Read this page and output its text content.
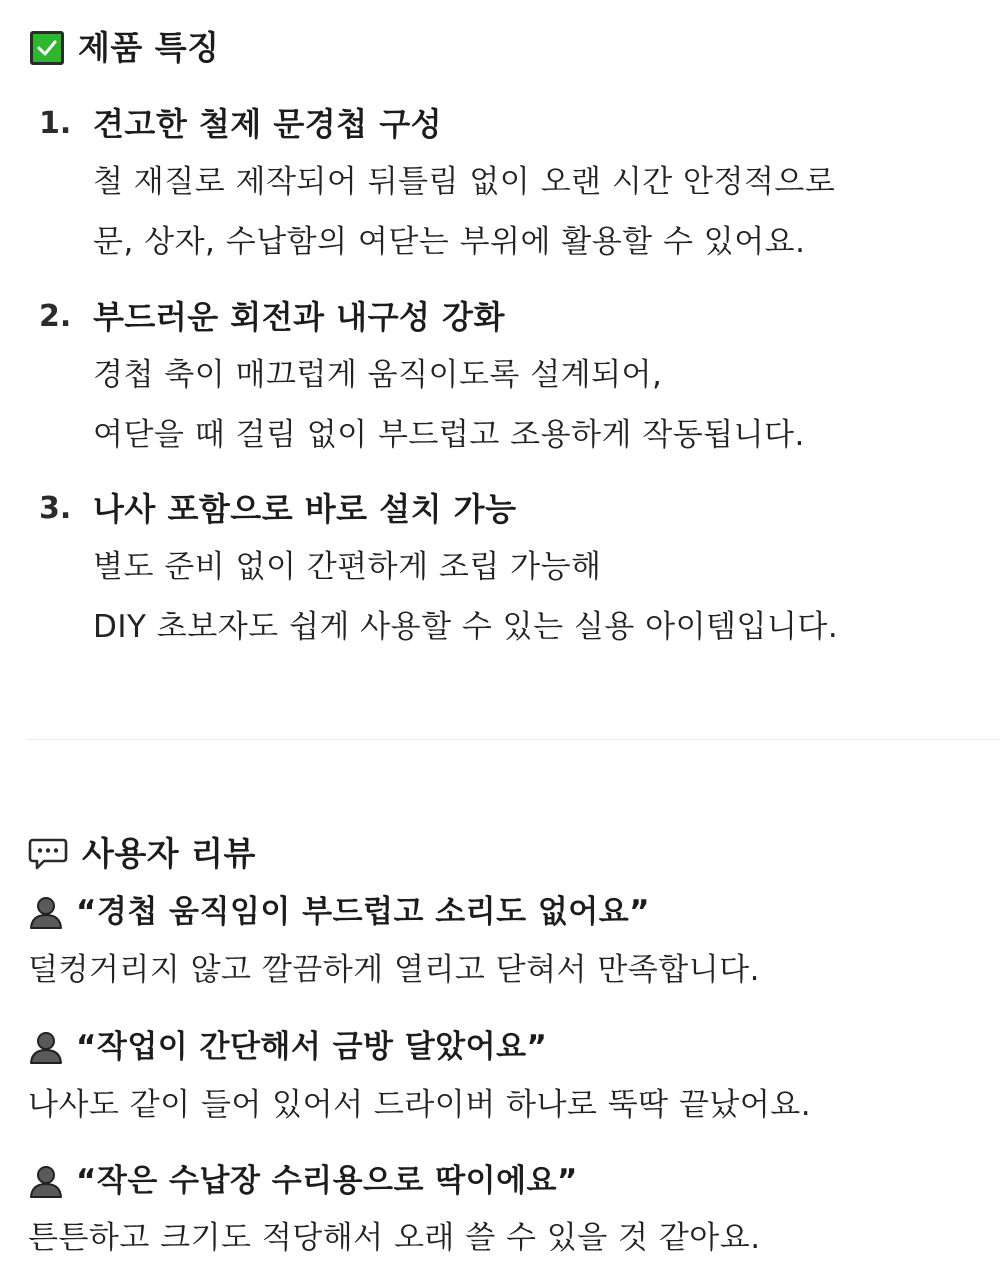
제품 특징
1. 견고한 철제 문경첩 구성
철 재질로 제작되어 뒤틀림 없이 오랜 시간 안정적으로
문, 상자, 수납함의 여닫는 부위에 활용할 수 있어요.
2. 부드러운 회전과 내구성 강화
경첩 축이 매끄럽게 움직이도록 설계되어,
여닫을 때 걸림 없이 부드럽고 조용하게 작동됩니다.
3. 나사 포함으로 바로 설치 가능
별도 준비 없이 간편하게 조립 가능해
DIY 초보자도 쉽게 사용할 수 있는 실용 아이템입니다.
사용자 리뷰
“경첩 움직임이 부드럽고 소리도 없어요”
덜컹거리지 않고 깔끔하게 열리고 닫혀서 만족합니다.
“작업이 간단해서 금방 달았어요”
나사도 같이 들어 있어서 드라이버 하나로 뚝딱 끝났어요.
“작은 수납장 수리용으로 딱이에요”
튼튼하고 크기도 적당해서 오래 쓸 수 있을 것 같아요.
